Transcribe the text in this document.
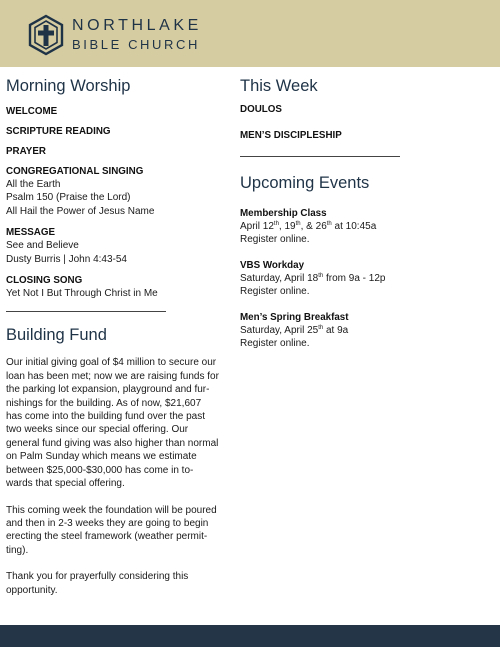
NORTHLAKE
BIBLE CHURCH
Morning Worship

WELCOME

SCRIPTURE READING

PRAYER

CONGREGATIONAL SINGING

All the Earth

Psalm 150 (Praise the Lord)

All Hail the Power of Jesus Name

MESSAGE

See and Believe

Dusty Burris | John 4:43-54

CLOSING SONG

Yet Not I But Through Christ in Me

Building Fund

Our initial giving goal of $4 million to secure our

loan has been met; now we are raising funds for

the parking lot expansion, playground and fur-

nishings for the building. As of now, $21,607

has come into the building fund over the past

two weeks since our special offering. Our

general fund giving was also higher than normal

on Palm Sunday which means we estimate

between $25,000-$30,000 has come in to-

wards that special offering.

This coming week the foundation will be poured

and then in 2-3 weeks they are going to begin

erecting the steel framework (weather permit-

ting).

Thank you for prayerfully considering this

opportunity.

This Week

DOULOS

MEN’S DISCIPLESHIP

Upcoming Events

Membership Class

April 12th, 19th, & 26th at 10:45a

Register online.

VBS Workday

Saturday, April 18th from 9a - 12p

Register online.

Men’s Spring Breakfast

Saturday, April 25th at 9a

Register online.
